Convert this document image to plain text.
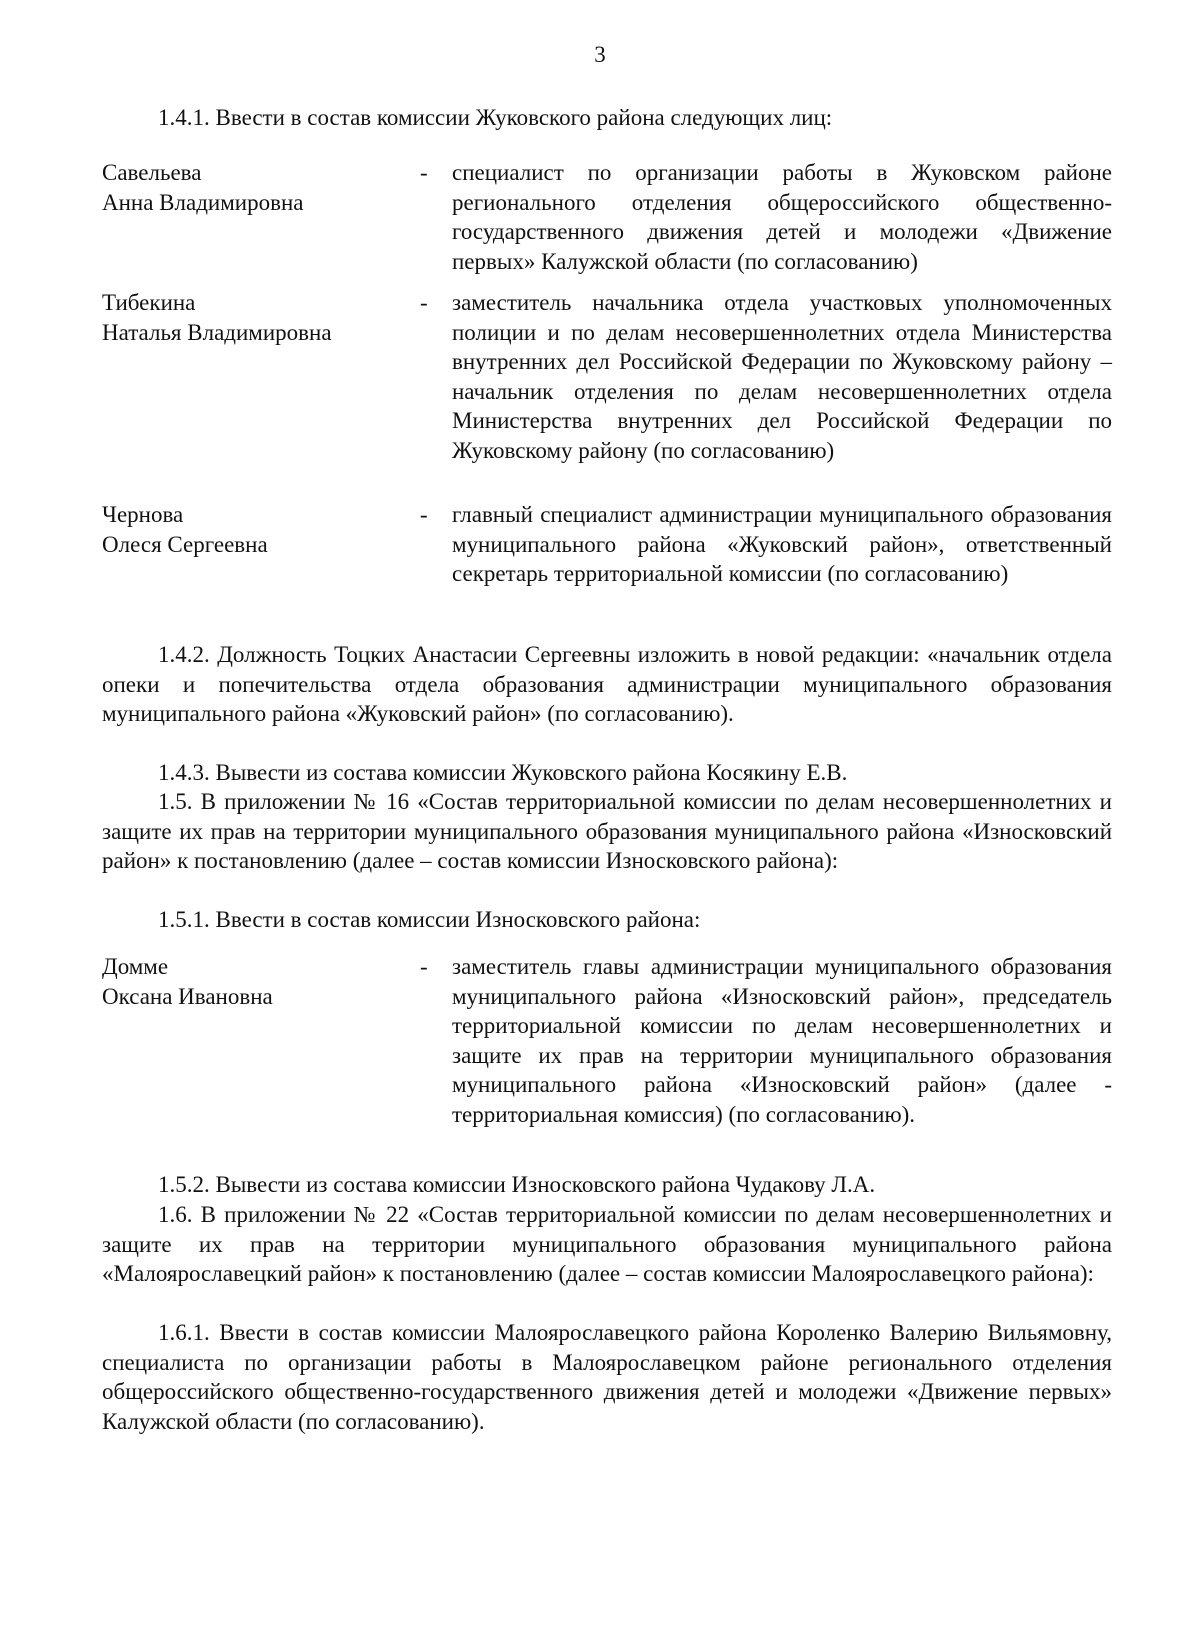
3

1.4.1. Ввести в состав комиссии Жуковского района следующих лиц:

Савельева
Анна Владимировна

- специалист по организации работы в Жуковском районе регионального отделения общероссийского общественно-государственного движения детей и молодежи «Движение первых» Калужской области (по согласованию)

Тибекина
Наталья Владимировна

- заместитель начальника отдела участковых уполномоченных полиции и по делам несовершеннолетних отдела Министерства внутренних дел Российской Федерации по Жуковскому району – начальник отделения по делам несовершеннолетних отдела Министерства внутренних дел Российской Федерации по Жуковскому району (по согласованию)

Чернова
Олеся Сергеевна

- главный специалист администрации муниципального образования муниципального района «Жуковский район», ответственный секретарь территориальной комиссии (по согласованию)

1.4.2. Должность Тоцких Анастасии Сергеевны изложить в новой редакции: «начальник отдела опеки и попечительства отдела образования администрации муниципального образования муниципального района «Жуковский район» (по согласованию).

1.4.3. Вывести из состава комиссии Жуковского района Косякину Е.В.

1.5. В приложении № 16 «Состав территориальной комиссии по делам несовершеннолетних и защите их прав на территории муниципального образования муниципального района «Износковский район» к постановлению (далее – состав комиссии Износковского района):

1.5.1. Ввести в состав комиссии Износковского района:

Домме
Оксана Ивановна

- заместитель главы администрации муниципального образования муниципального района «Износковский район», председатель территориальной комиссии по делам несовершеннолетних и защите их прав на территории муниципального образования муниципального района «Износковский район» (далее - территориальная комиссия) (по согласованию).

1.5.2. Вывести из состава комиссии Износковского района Чудакову Л.А.

1.6. В приложении № 22 «Состав территориальной комиссии по делам несовершеннолетних и защите их прав на территории муниципального образования муниципального района «Малоярославецкий район» к постановлению (далее – состав комиссии Малоярославецкого района):

1.6.1. Ввести в состав комиссии Малоярославецкого района Короленко Валерию Вильямовну, специалиста по организации работы в Малоярославецком районе регионального отделения общероссийского общественно-государственного движения детей и молодежи «Движение первых» Калужской области (по согласованию).
